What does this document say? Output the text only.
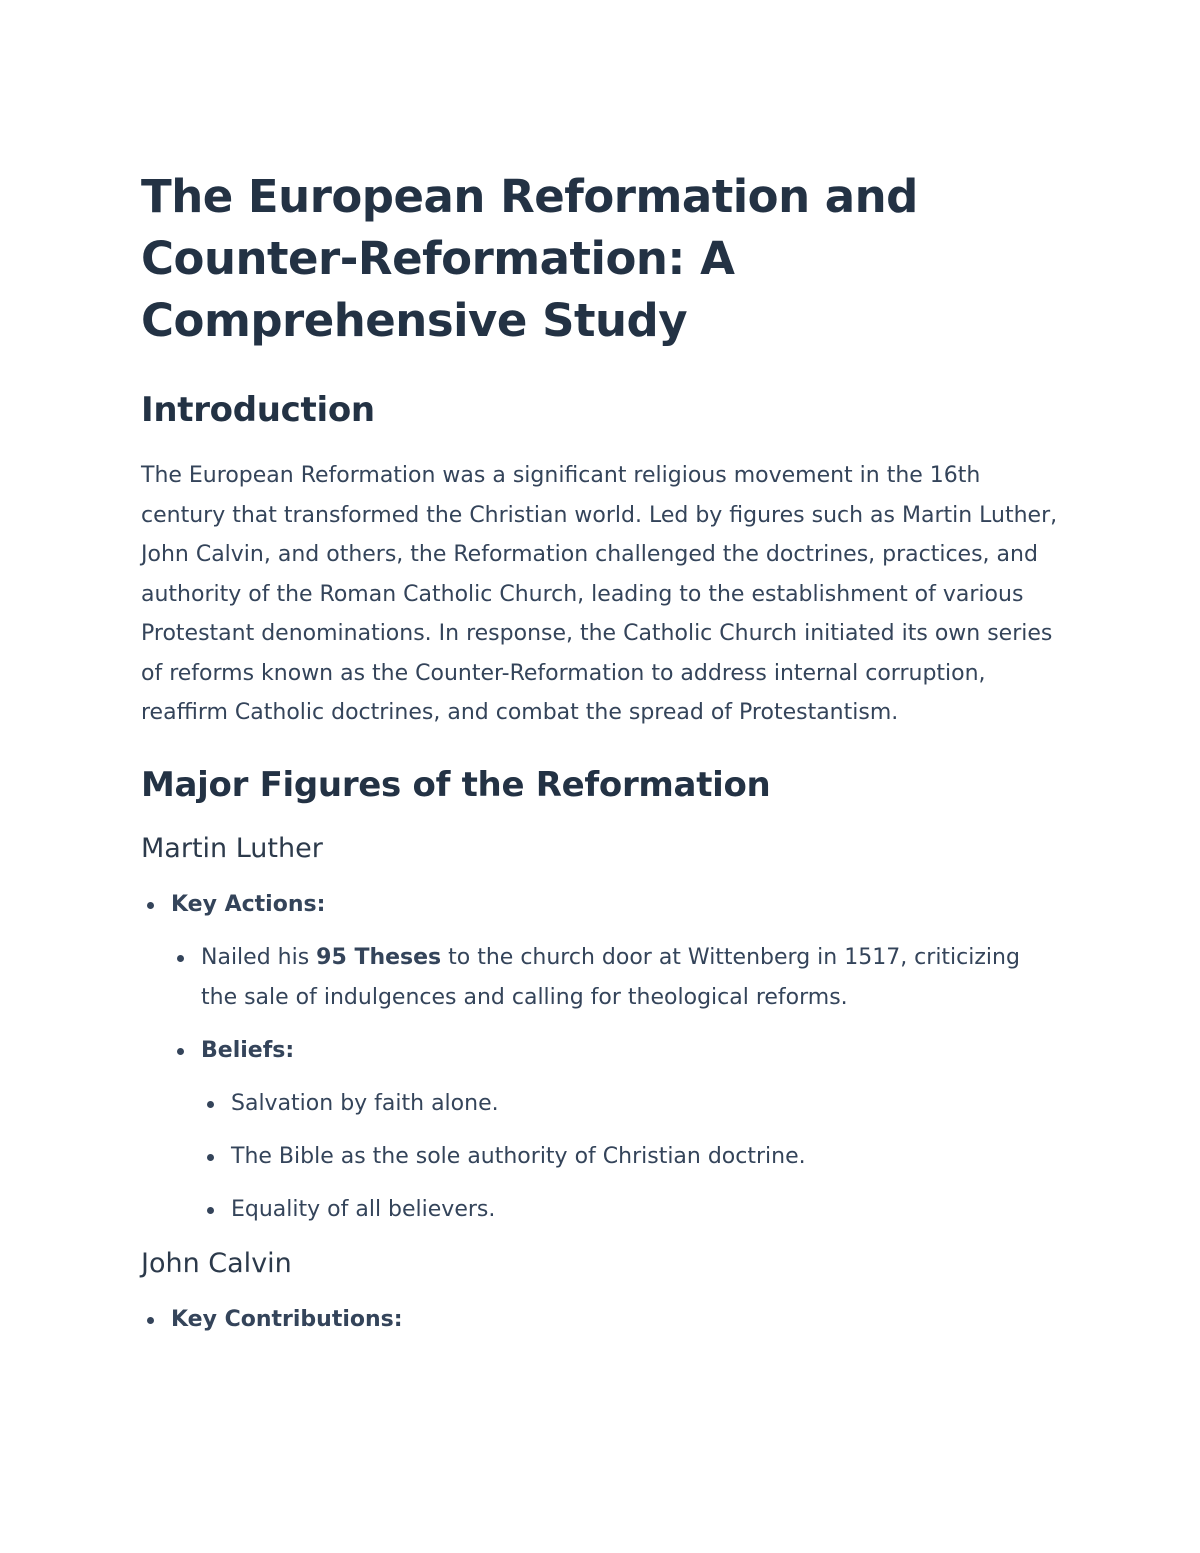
The European Reformation and Counter-Reformation: A Comprehensive Study
Introduction

The European Reformation was a significant religious movement in the 16th century that transformed the Christian world. Led by figures such as Martin Luther, John Calvin, and others, the Reformation challenged the doctrines, practices, and authority of the Roman Catholic Church, leading to the establishment of various Protestant denominations. In response, the Catholic Church initiated its own series of reforms known as the Counter-Reformation to address internal corruption, reaffirm Catholic doctrines, and combat the spread of Protestantism.

Major Figures of the Reformation
Martin Luther
Key Actions:
Nailed his 95 Theses to the church door at Wittenberg in 1517, criticizing the sale of indulgences and calling for theological reforms.
Beliefs:
Salvation by faith alone.
The Bible as the sole authority of Christian doctrine.
Equality of all believers.
John Calvin
Key Contributions:
